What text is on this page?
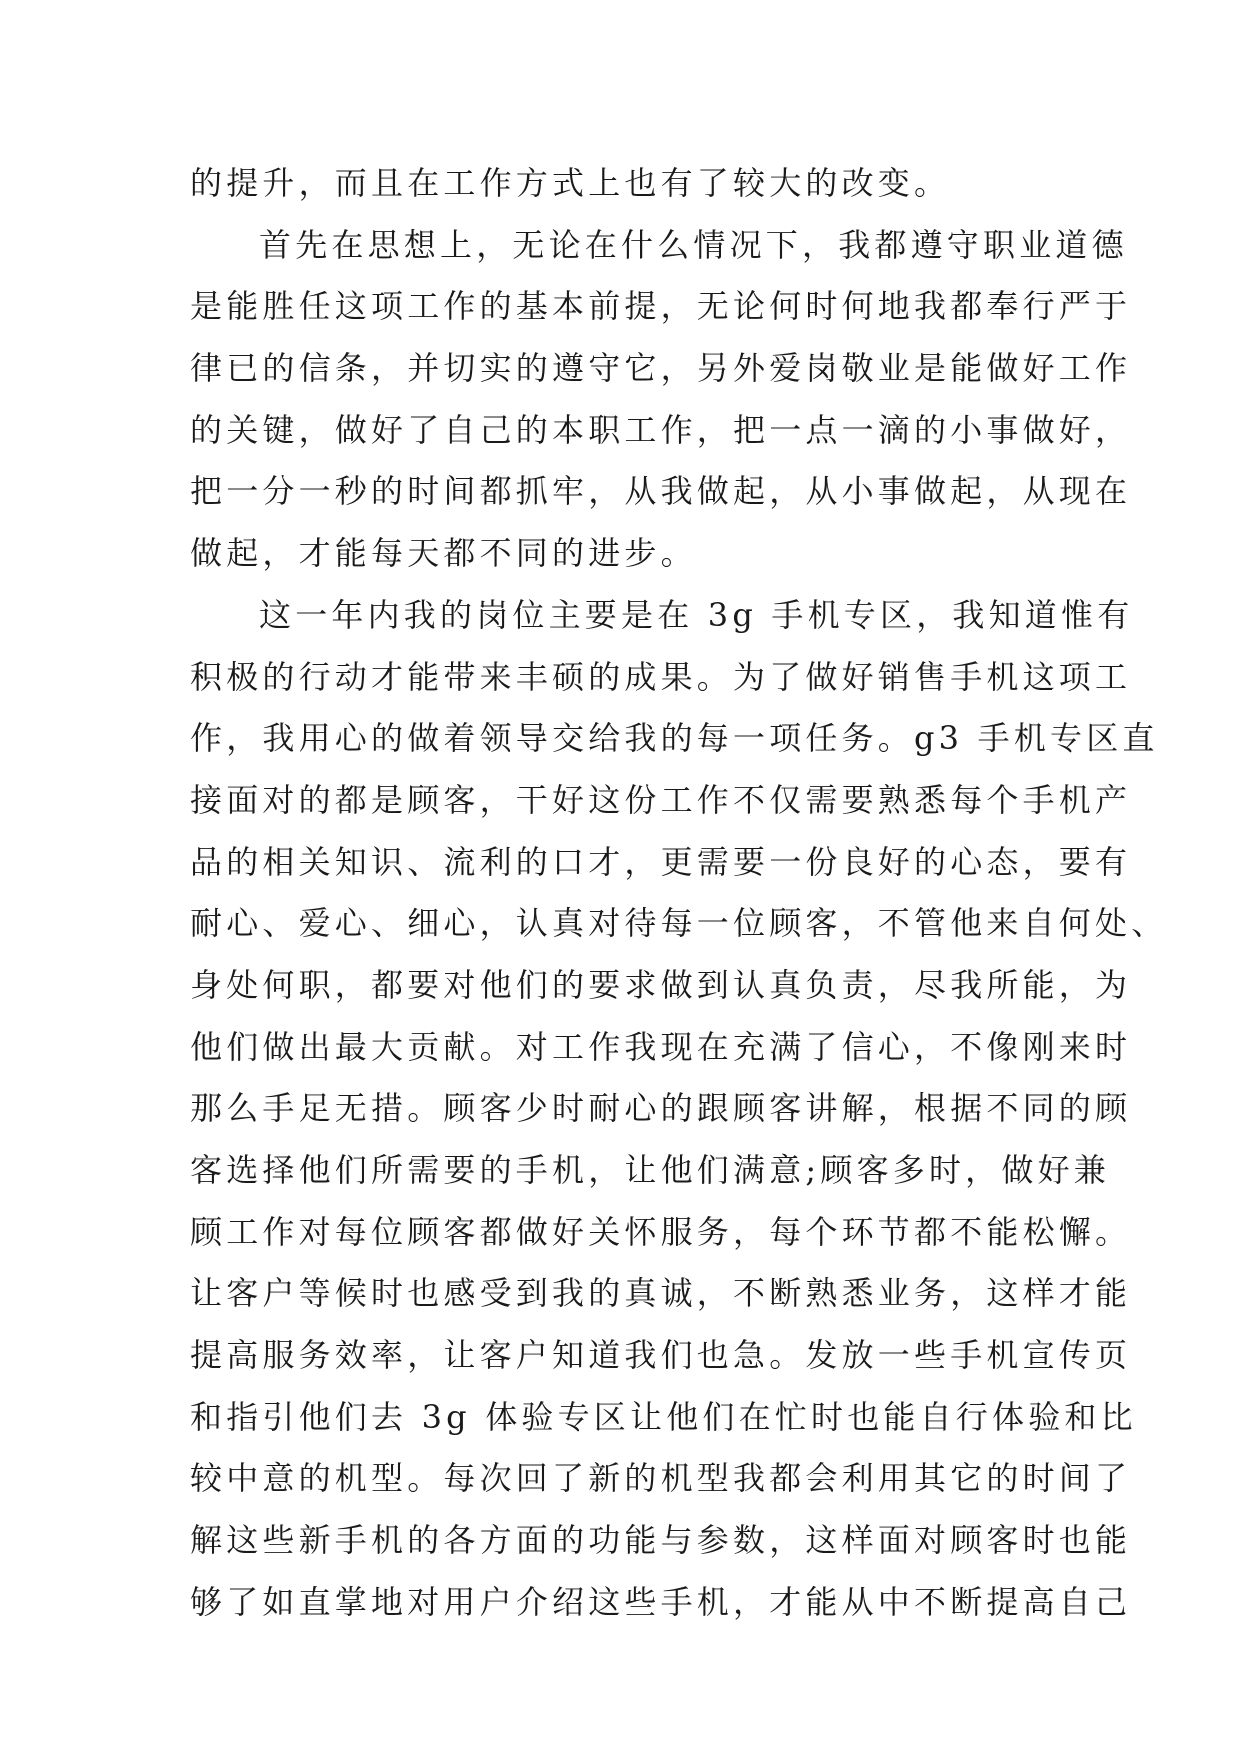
的提升，而且在工作方式上也有了较大的改变。
首先在思想上，无论在什么情况下，我都遵守职业道德
是能胜任这项工作的基本前提，无论何时何地我都奉行严于
律已的信条，并切实的遵守它，另外爱岗敬业是能做好工作
的关键，做好了自己的本职工作，把一点一滴的小事做好，
把一分一秒的时间都抓牢，从我做起，从小事做起，从现在
做起，才能每天都不同的进步。
这一年内我的岗位主要是在 3g 手机专区，我知道惟有
积极的行动才能带来丰硕的成果。为了做好销售手机这项工
作，我用心的做着领导交给我的每一项任务。g3 手机专区直
接面对的都是顾客，干好这份工作不仅需要熟悉每个手机产
品的相关知识、流利的口才，更需要一份良好的心态，要有
耐心、爱心、细心，认真对待每一位顾客，不管他来自何处、
身处何职，都要对他们的要求做到认真负责，尽我所能，为
他们做出最大贡献。对工作我现在充满了信心，不像刚来时
那么手足无措。顾客少时耐心的跟顾客讲解，根据不同的顾
客选择他们所需要的手机，让他们满意;顾客多时，做好兼
顾工作对每位顾客都做好关怀服务，每个环节都不能松懈。
让客户等候时也感受到我的真诚，不断熟悉业务，这样才能
提高服务效率，让客户知道我们也急。发放一些手机宣传页
和指引他们去 3g 体验专区让他们在忙时也能自行体验和比
较中意的机型。每次回了新的机型我都会利用其它的时间了
解这些新手机的各方面的功能与参数，这样面对顾客时也能
够了如直掌地对用户介绍这些手机，才能从中不断提高自己
